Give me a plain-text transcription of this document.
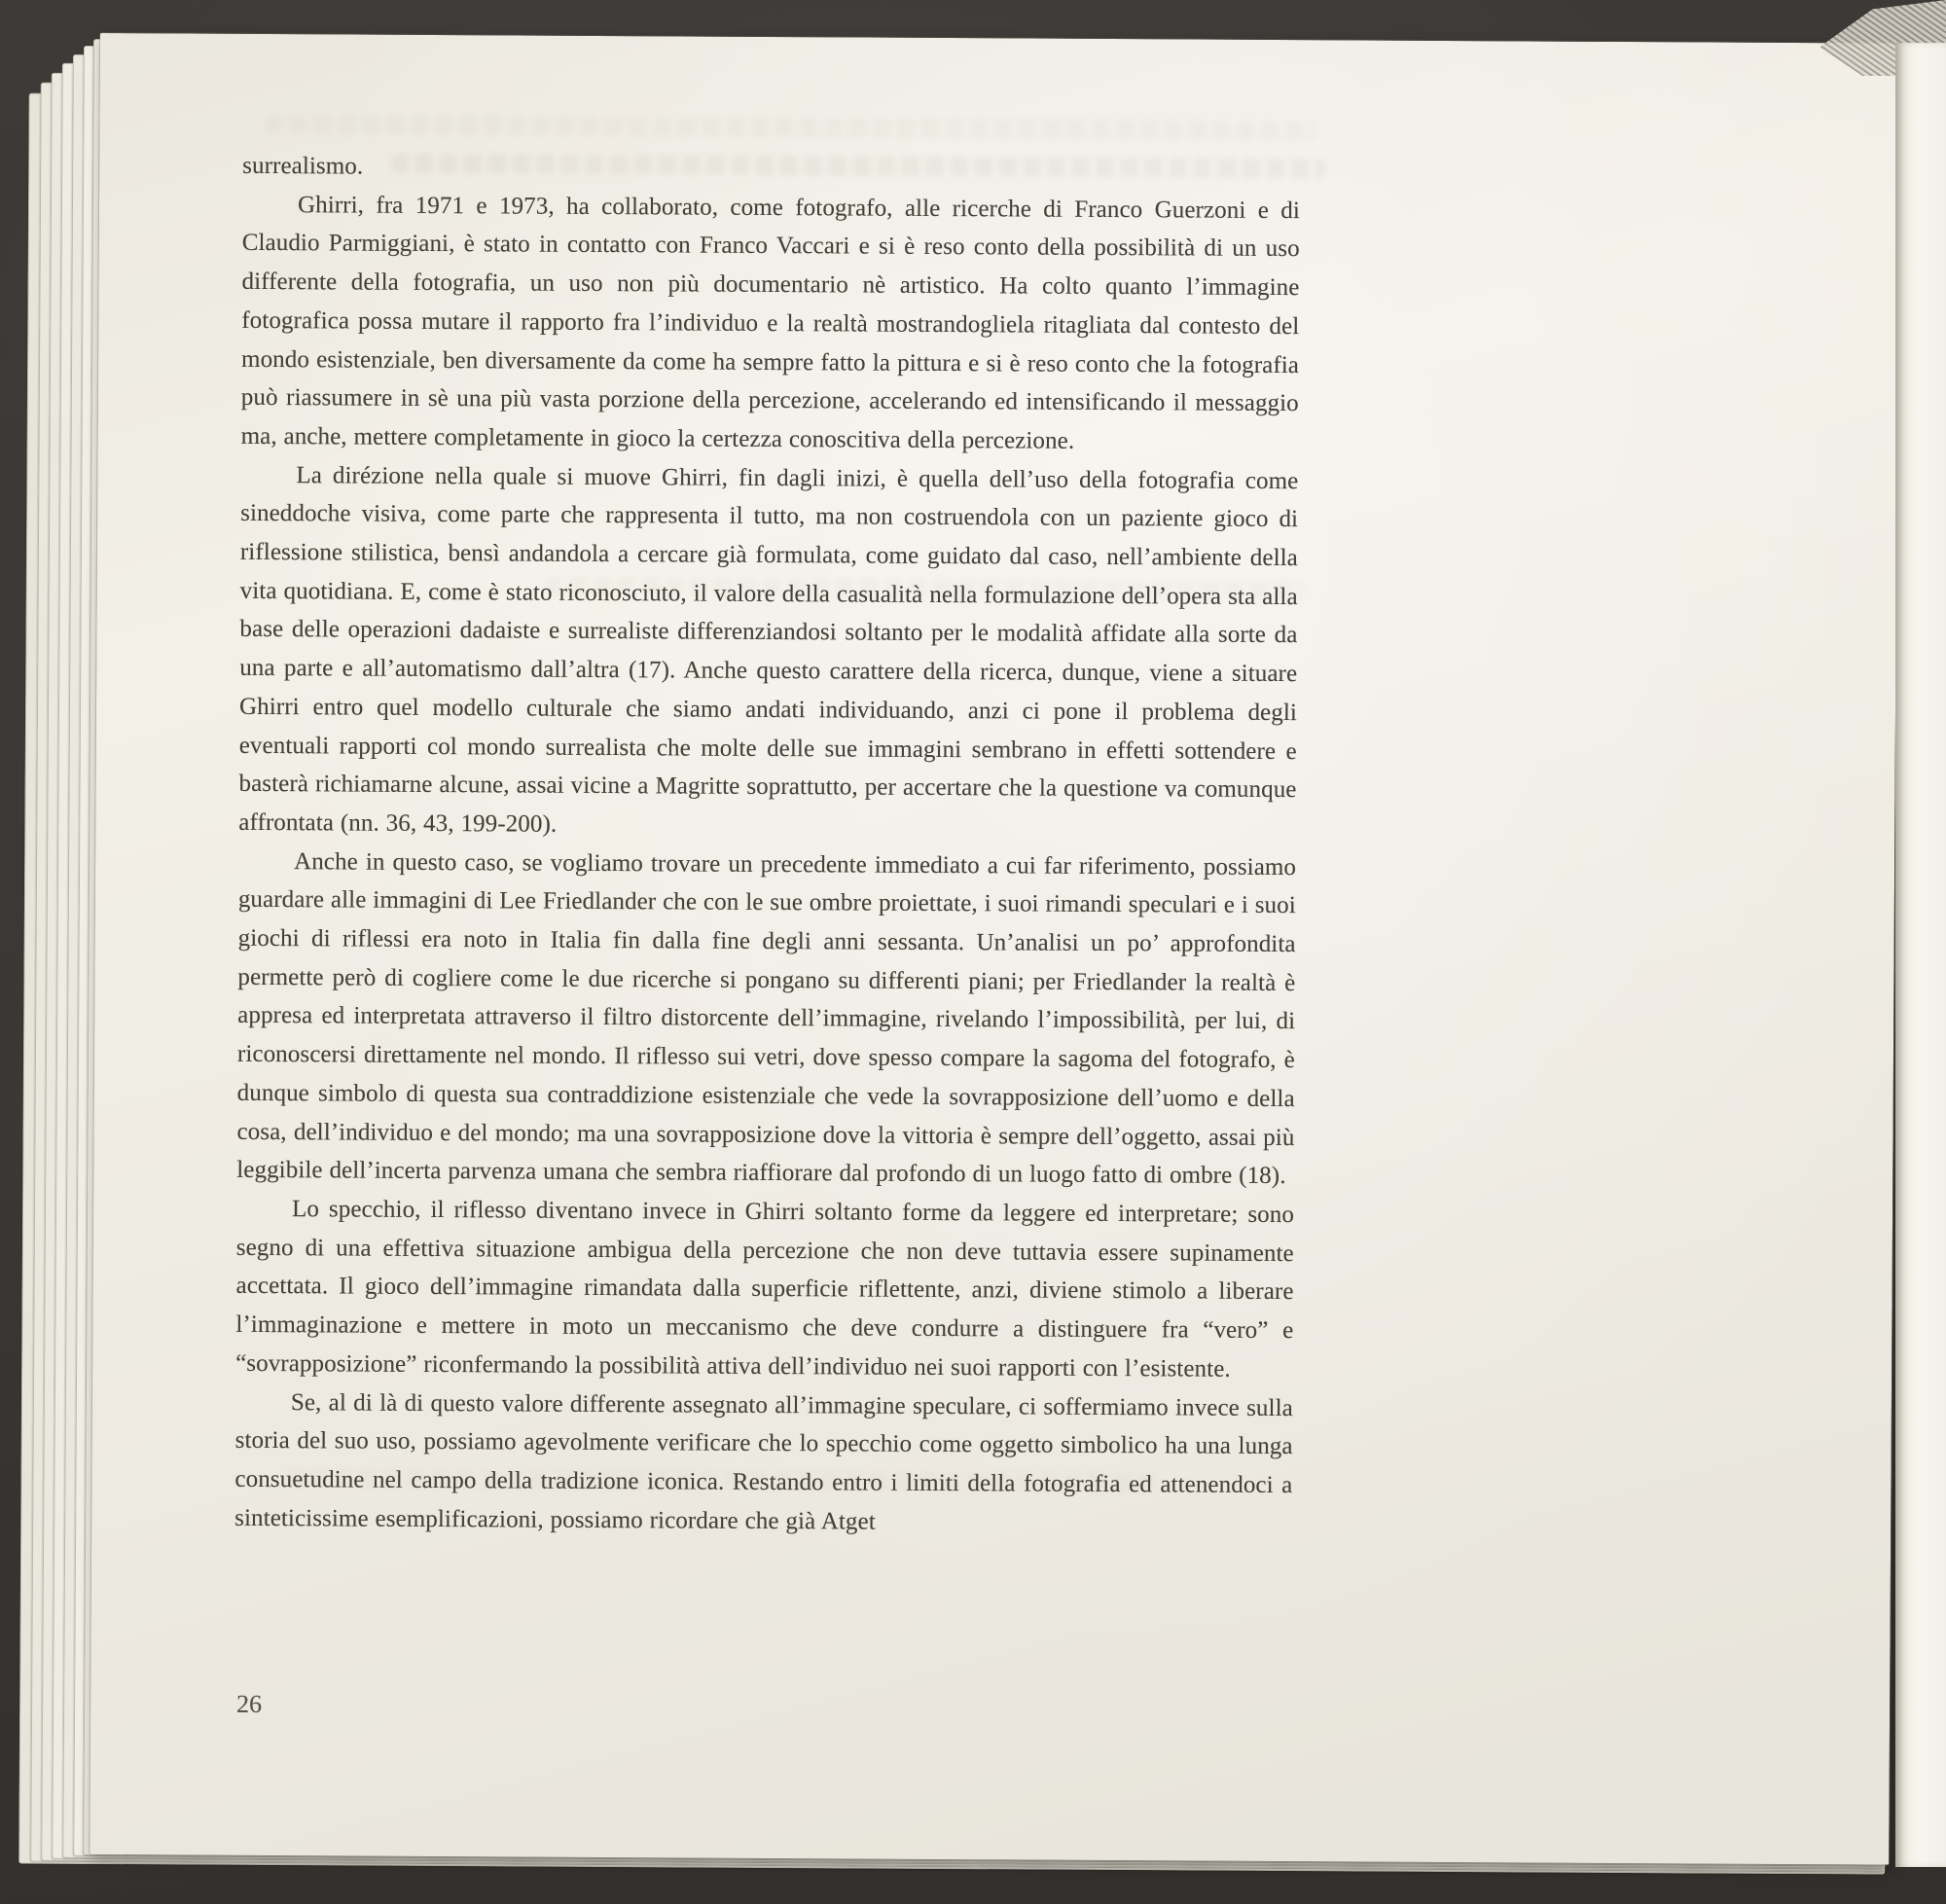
surrealismo.
Ghirri, fra 1971 e 1973, ha collaborato, come fotografo, alle ricerche di Franco Guerzoni e di Claudio Parmiggiani, è stato in contatto con Franco Vaccari e si è reso conto della possibilità di un uso differente della fotografia, un uso non più documentario nè artistico. Ha colto quanto l’immagine fotografica possa mutare il rapporto fra l’individuo e la realtà mostrandogliela ritagliata dal contesto del mondo esistenziale, ben diversamente da come ha sempre fatto la pittura e si è reso conto che la fotografia può riassumere in sè una più vasta porzione della percezione, accelerando ed intensificando il messaggio ma, anche, mettere completamente in gioco la certezza conoscitiva della percezione.
La dirézione nella quale si muove Ghirri, fin dagli inizi, è quella dell’uso della fotografia come sineddoche visiva, come parte che rappresenta il tutto, ma non costruendola con un paziente gioco di riflessione stilistica, bensì andandola a cercare già formulata, come guidato dal caso, nell’ambiente della vita quotidiana. E, come è stato riconosciuto, il valore della casualità nella formulazione dell’opera sta alla base delle operazioni dadaiste e surrealiste differenziandosi soltanto per le modalità affidate alla sorte da una parte e all’automatismo dall’altra (17). Anche questo carattere della ricerca, dunque, viene a situare Ghirri entro quel modello culturale che siamo andati individuando, anzi ci pone il problema degli eventuali rapporti col mondo surrealista che molte delle sue immagini sembrano in effetti sottendere e basterà richiamarne alcune, assai vicine a Magritte soprattutto, per accertare che la questione va comunque affrontata (nn. 36, 43, 199-200).
Anche in questo caso, se vogliamo trovare un precedente immediato a cui far riferimento, possiamo guardare alle immagini di Lee Friedlander che con le sue ombre proiettate, i suoi rimandi speculari e i suoi giochi di riflessi era noto in Italia fin dalla fine degli anni sessanta. Un’analisi un po’ approfondita permette però di cogliere come le due ricerche si pongano su differenti piani; per Friedlander la realtà è appresa ed interpretata attraverso il filtro distorcente dell’immagine, rivelando l’impossibilità, per lui, di riconoscersi direttamente nel mondo. Il riflesso sui vetri, dove spesso compare la sagoma del fotografo, è dunque simbolo di questa sua contraddizione esistenziale che vede la sovrapposizione dell’uomo e della cosa, dell’individuo e del mondo; ma una sovrapposizione dove la vittoria è sempre dell’oggetto, assai più leggibile dell’incerta parvenza umana che sembra riaffiorare dal profondo di un luogo fatto di ombre (18).
Lo specchio, il riflesso diventano invece in Ghirri soltanto forme da leggere ed interpretare; sono segno di una effettiva situazione ambigua della percezione che non deve tuttavia essere supinamente accettata. Il gioco dell’immagine rimandata dalla superficie riflettente, anzi, diviene stimolo a liberare l’immaginazione e mettere in moto un meccanismo che deve condurre a distinguere fra “vero” e “sovrapposizione” riconfermando la possibilità attiva dell’individuo nei suoi rapporti con l’esistente.
Se, al di là di questo valore differente assegnato all’immagine speculare, ci soffermiamo invece sulla storia del suo uso, possiamo agevolmente verificare che lo specchio come oggetto simbolico ha una lunga consuetudine nel campo della tradizione iconica. Restando entro i limiti della fotografia ed attenendoci a sinteticissime esemplificazioni, possiamo ricordare che già Atget
26
